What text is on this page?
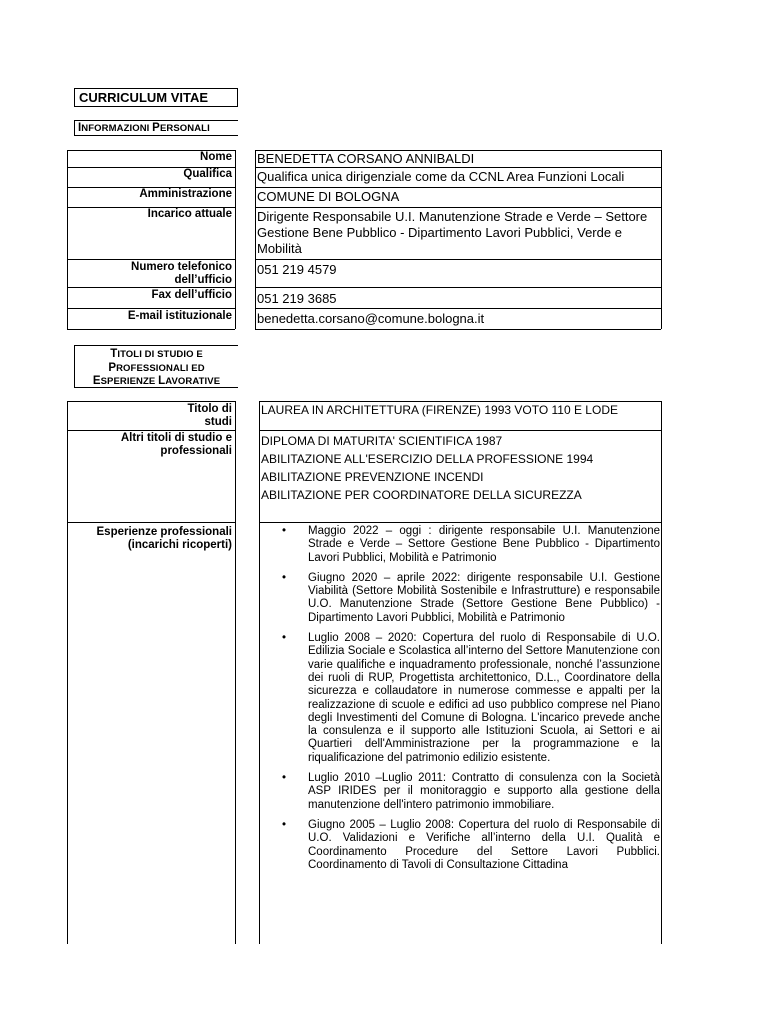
CURRICULUM VITAE
INFORMAZIONI PERSONALI
Nome BENEDETTA CORSANO ANNIBALDI
Qualifica Qualifica unica dirigenziale come da CCNL Area Funzioni Locali
Amministrazione COMUNE DI BOLOGNA
Incarico attuale Dirigente Responsabile U.I. Manutenzione Strade e Verde – Settore Gestione Bene Pubblico - Dipartimento Lavori Pubblici, Verde e Mobilità
Numero telefonico dell’ufficio
051 219 4579
Fax dell’ufficio 051 219 3685
E-mail istituzionale benedetta.corsano@comune.bologna.it
TITOLI DI STUDIO E
PROFESSIONALI ED
ESPERIENZE LAVORATIVE
Titolo di studi
LAUREA IN ARCHITETTURA (FIRENZE) 1993 VOTO 110 E LODE
Altri titoli di studio e professionali
DIPLOMA DI MATURITA' SCIENTIFICA 1987
ABILITAZIONE ALL'ESERCIZIO DELLA PROFESSIONE 1994
ABILITAZIONE PREVENZIONE INCENDI
ABILITAZIONE PER COORDINATORE DELLA SICUREZZA
Esperienze professionali (incarichi ricoperti)
• Maggio 2022 – oggi : dirigente responsabile U.I. Manutenzione Strade e Verde – Settore Gestione Bene Pubblico - Dipartimento Lavori Pubblici, Mobilità e Patrimonio
• Giugno 2020 – aprile 2022: dirigente responsabile U.I. Gestione Viabilità (Settore Mobilità Sostenibile e Infrastrutture) e responsabile U.O. Manutenzione Strade (Settore Gestione Bene Pubblico) - Dipartimento Lavori Pubblici, Mobilità e Patrimonio
• Luglio 2008 – 2020: Copertura del ruolo di Responsabile di U.O. Edilizia Sociale e Scolastica all’interno del Settore Manutenzione con varie qualifiche e inquadramento professionale, nonché l’assunzione dei ruoli di RUP, Progettista architettonico, D.L., Coordinatore della sicurezza e collaudatore in numerose commesse e appalti per la realizzazione di scuole e edifici ad uso pubblico comprese nel Piano degli Investimenti del Comune di Bologna. L'incarico prevede anche la consulenza e il supporto alle Istituzioni Scuola, ai Settori e ai Quartieri dell'Amministrazione per la programmazione e la riqualificazione del patrimonio edilizio esistente.
• Luglio 2010 –Luglio 2011: Contratto di consulenza con la Società ASP IRIDES per il monitoraggio e supporto alla gestione della manutenzione dell'intero patrimonio immobiliare.
• Giugno 2005 – Luglio 2008: Copertura del ruolo di Responsabile di U.O. Validazioni e Verifiche all’interno della U.I. Qualità e Coordinamento Procedure del Settore Lavori Pubblici. Coordinamento di Tavoli di Consultazione Cittadina
